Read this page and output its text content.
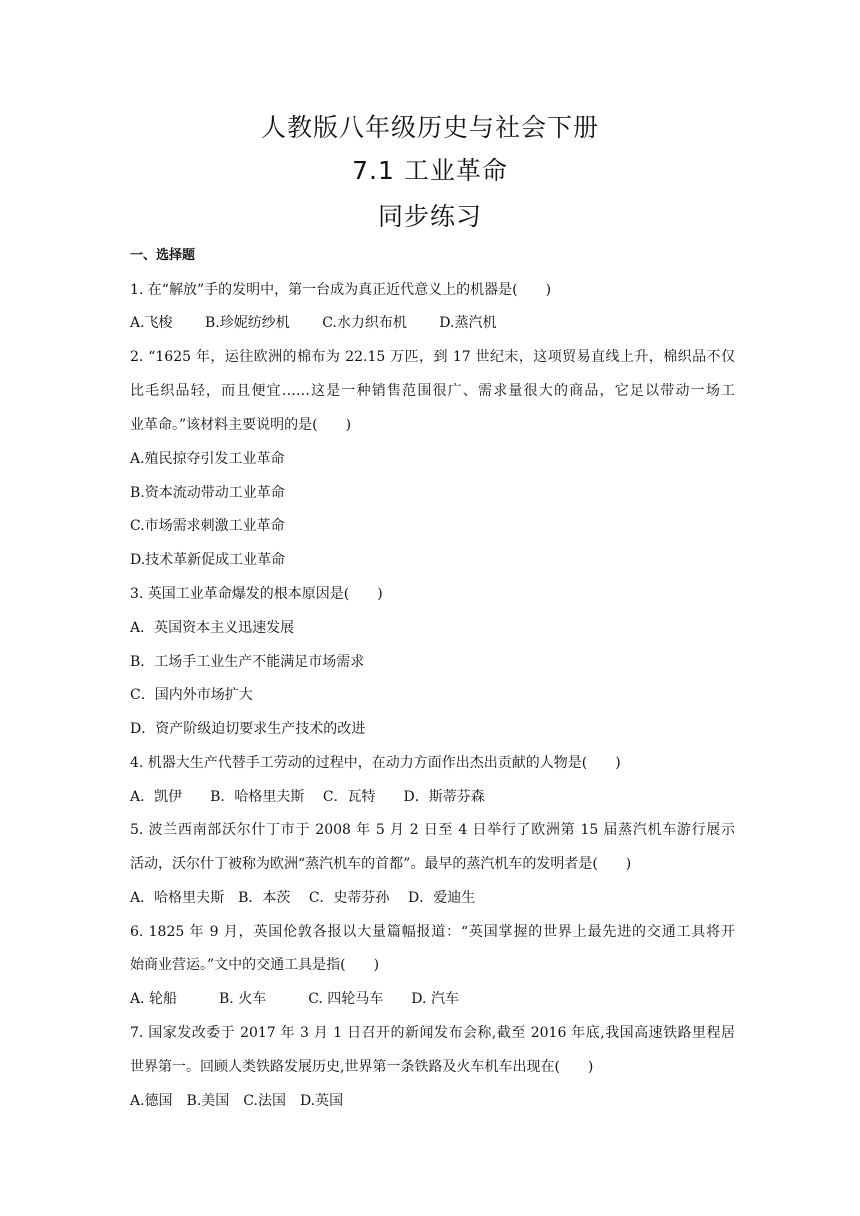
人教版八年级历史与社会下册
7.1 工业革命
同步练习
一、选择题
1. 在“解放”手的发明中，第一台成为真正近代意义上的机器是(　　)
A.飞梭　　 B.珍妮纺纱机　　 C.水力织布机　　 D.蒸汽机
2. “1625 年，运往欧洲的棉布为 22.15 万匹，到 17 世纪末，这项贸易直线上升，棉织品不仅
比毛织品轻，而且便宜……这是一种销售范围很广、需求量很大的商品，它足以带动一场工
业革命。”该材料主要说明的是(　　)
A.殖民掠夺引发工业革命
B.资本流动带动工业革命
C.市场需求刺激工业革命
D.技术革新促成工业革命
3. 英国工业革命爆发的根本原因是(　　)
A．英国资本主义迅速发展
B．工场手工业生产不能满足市场需求
C．国内外市场扩大
D．资产阶级迫切要求生产技术的改进
4. 机器大生产代替手工劳动的过程中，在动力方面作出杰出贡献的人物是(　　)
A．凯伊　　B．哈格里夫斯　 C．瓦特　　D．斯蒂芬森
5. 波兰西南部沃尔什丁市于 2008 年 5 月 2 日至 4 日举行了欧洲第 15 届蒸汽机车游行展示
活动，沃尔什丁被称为欧洲“蒸汽机车的首都”。最早的蒸汽机车的发明者是(　　)
A．哈格里夫斯　B．本茨　 C．史蒂芬孙　 D．爱迪生
6. 1825 年 9 月，英国伦敦各报以大量篇幅报道：“英国掌握的世界上最先进的交通工具将开
始商业营运。”文中的交通工具是指(　　)
A. 轮船　　　B. 火车　　　C. 四轮马车　　D. 汽车
7. 国家发改委于 2017 年 3 月 1 日召开的新闻发布会称,截至 2016 年底,我国高速铁路里程居
世界第一。回顾人类铁路发展历史,世界第一条铁路及火车机车出现在(　　)
A.德国　B.美国　C.法国　D.英国
